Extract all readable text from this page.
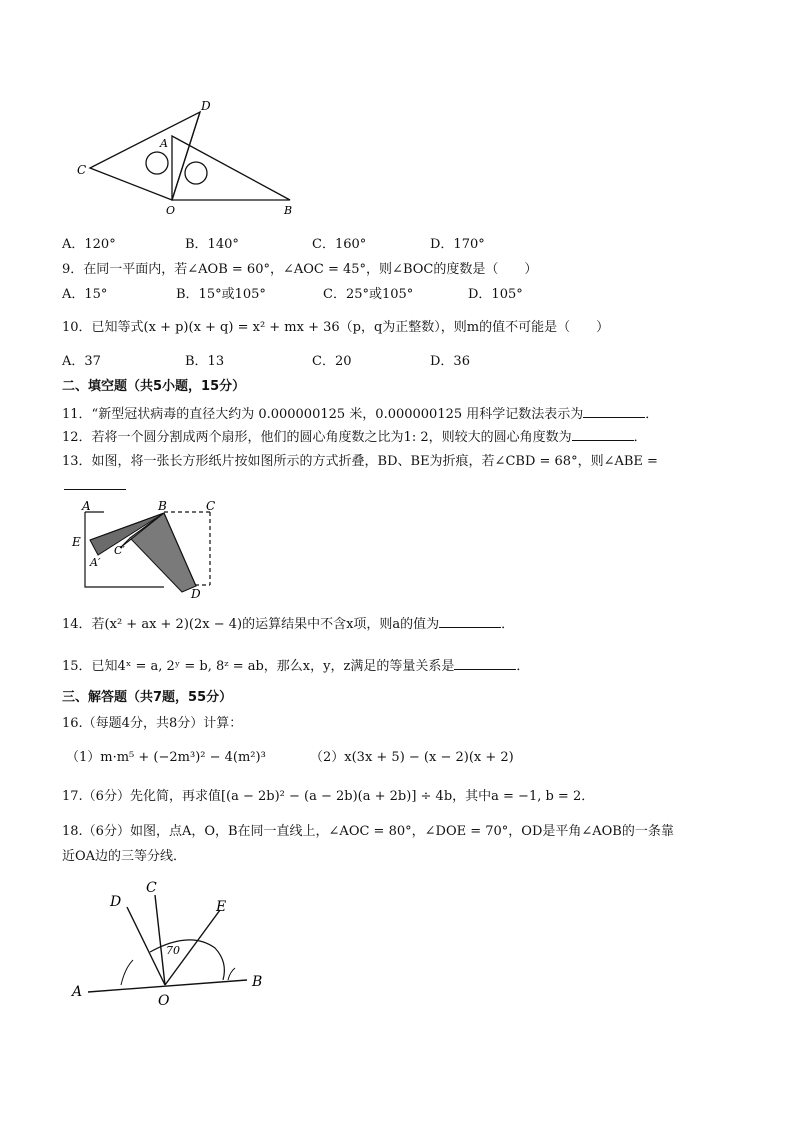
D
A
C
O	B
A．120°	B．140°	C．160°	D．170°
9．在同一平面内，若∠AOB = 60°，∠AOC = 45°，则∠BOC的度数是（　　）
A．15°	B．15°或105°	C．25°或105°	D．105°
10．已知等式(x + p)(x + q) = x² + mx + 36（p，q为正整数），则m的值不可能是（　　）
A．37	B．13	C．20	D．36
二、填空题（共5小题，15分）
11．“新型冠状病毒的直径大约为 0.000000125 米，0.000000125 用科学记数法表示为	．
12．若将一个圆分割成两个扇形，他们的圆心角度数之比为1: 2，则较大的圆心角度数为	．
13．如图，将一张长方形纸片按如图所示的方式折叠，BD、BE为折痕，若∠CBD = 68°，则∠ABE =
A	B	C
E
C′
A′
D
14．若(x² + ax + 2)(2x − 4)的运算结果中不含x项，则a的值为	．
15．已知4ˣ = a, 2ʸ = b, 8ᶻ = ab，那么x，y，z满足的等量关系是	．
三、解答题（共7题，55分）
16.（每题4分，共8分）计算：
（1）m·m⁵ + (−2m³)² − 4(m²)³	（2）x(3x + 5) − (x − 2)(x + 2)
17.（6分）先化简，再求值[(a − 2b)² − (a − 2b)(a + 2b)] ÷ 4b，其中a = −1, b = 2．
18.（6分）如图，点A，O，B在同一直线上，∠AOC = 80°，∠DOE = 70°，OD是平角∠AOB的一条靠
近OA边的三等分线．
D
C
E
A
O
B
70
